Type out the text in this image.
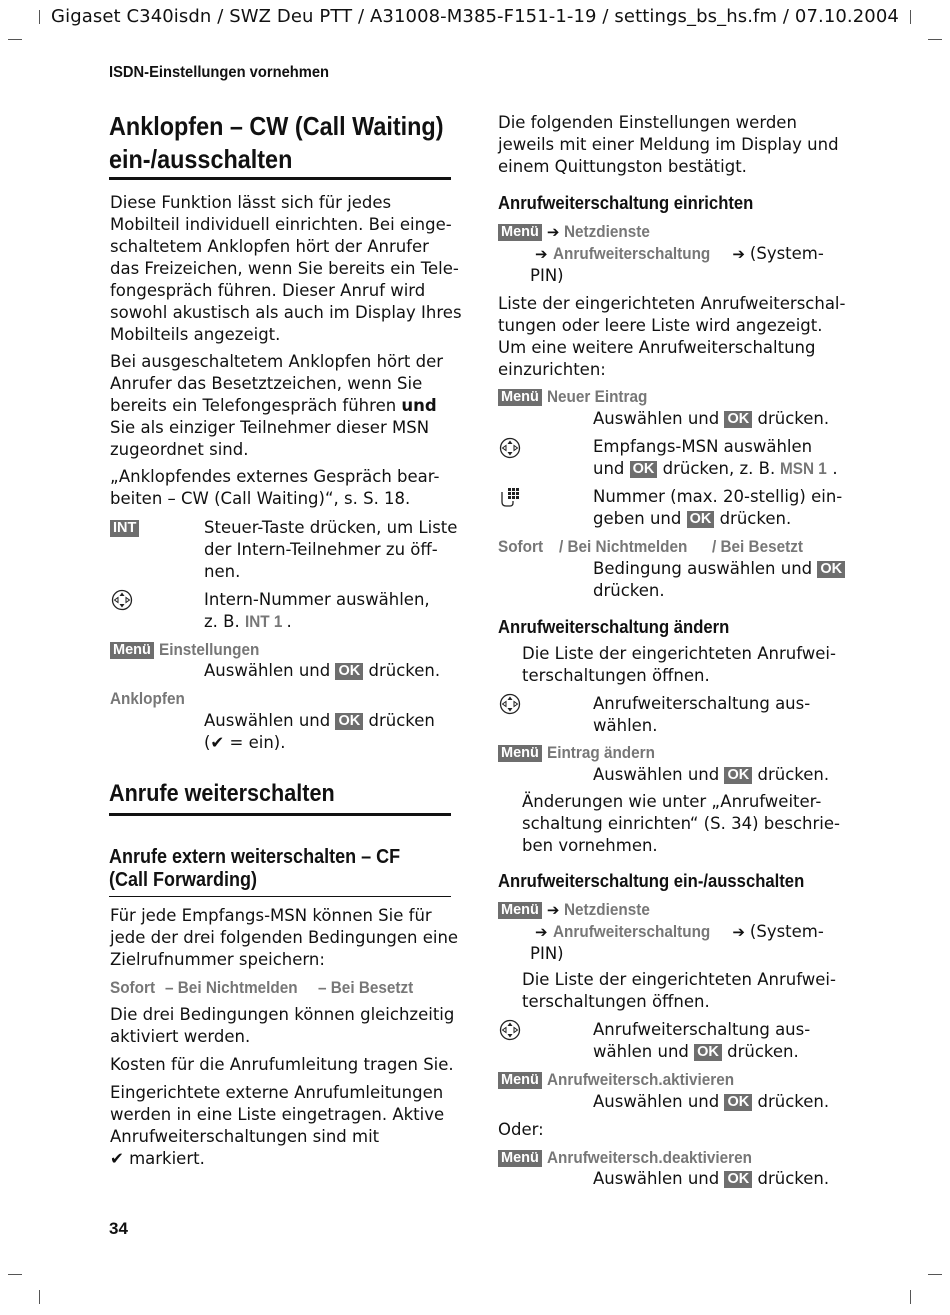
Gigaset C340isdn / SWZ Deu PTT / A31008-M385-F151-1-19 / settings_bs_hs.fm / 07.10.2004
ISDN-Einstellungen vornehmen
Anklopfen – CW (Call Waiting)
ein-/ausschalten
Diese Funktion lässt sich für jedes
Mobilteil individuell einrichten. Bei einge-
schaltetem Anklopfen hört der Anrufer
das Freizeichen, wenn Sie bereits ein Tele-
fongespräch führen. Dieser Anruf wird
sowohl akustisch als auch im Display Ihres
Mobilteils angezeigt.
Bei ausgeschaltetem Anklopfen hört der
Anrufer das Besetztzeichen, wenn Sie
bereits ein Telefongespräch führen und
Sie als einziger Teilnehmer dieser MSN
zugeordnet sind.
„Anklopfendes externes Gespräch bear-
beiten – CW (Call Waiting)“, s. S. 18.
INT	Steuer-Taste drücken, um Liste
der Intern-Teilnehmer zu öff-
nen.
Intern-Nummer auswählen,
z. B. INT 1 .
Menü Einstellungen
Auswählen und OK drücken.
Anklopfen
Auswählen und OK drücken
(✔ = ein).
Anrufe weiterschalten
Anrufe extern weiterschalten – CF
(Call Forwarding)
Für jede Empfangs-MSN können Sie für
jede der drei folgenden Bedingungen eine
Zielrufnummer speichern:
Sofort – Bei Nichtmelden – Bei Besetzt
Die drei Bedingungen können gleichzeitig
aktiviert werden.
Kosten für die Anrufumleitung tragen Sie.
Eingerichtete externe Anrufumleitungen
werden in eine Liste eingetragen. Aktive
Anrufweiterschaltungen sind mit
✔ markiert.
Die folgenden Einstellungen werden
jeweils mit einer Meldung im Display und
einem Quittungston bestätigt.
Anrufweiterschaltung einrichten
Menü ➔ Netzdienste
➔ Anrufweiterschaltung ➔ (System-
PIN)
Liste der eingerichteten Anrufweiterschal-
tungen oder leere Liste wird angezeigt.
Um eine weitere Anrufweiterschaltung
einzurichten:
Menü Neuer Eintrag
Auswählen und OK drücken.
Empfangs-MSN auswählen
und OK drücken, z. B. MSN 1 .
Nummer (max. 20-stellig) ein-
geben und OK drücken.
Sofort / Bei Nichtmelden / Bei Besetzt
Bedingung auswählen und OK
drücken.
Anrufweiterschaltung ändern
Die Liste der eingerichteten Anrufwei-
terschaltungen öffnen.
Anrufweiterschaltung aus-
wählen.
Menü Eintrag ändern
Auswählen und OK drücken.
Änderungen wie unter „Anrufweiter-
schaltung einrichten“ (S. 34) beschrie-
ben vornehmen.
Anrufweiterschaltung ein-/ausschalten
Menü ➔ Netzdienste
➔ Anrufweiterschaltung ➔ (System-
PIN)
Die Liste der eingerichteten Anrufwei-
terschaltungen öffnen.
Anrufweiterschaltung aus-
wählen und OK drücken.
Menü Anrufweitersch.aktivieren
Auswählen und OK drücken.
Oder:
Menü Anrufweitersch.deaktivieren
Auswählen und OK drücken.
34
